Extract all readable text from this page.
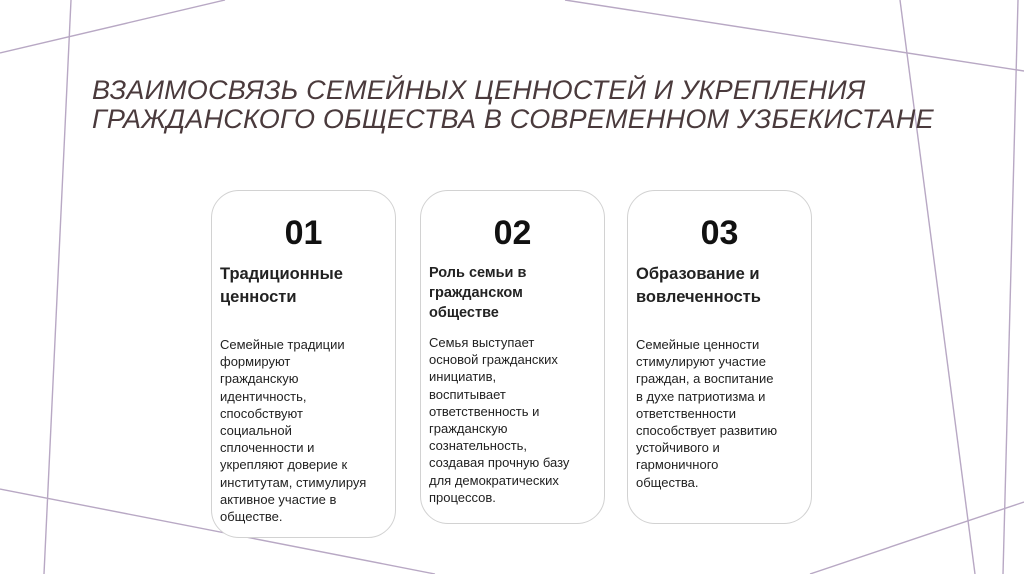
ВЗАИМОСВЯЗЬ СЕМЕЙНЫХ ЦЕННОСТЕЙ И УКРЕПЛЕНИЯ
ГРАЖДАНСКОГО ОБЩЕСТВА В СОВРЕМЕННОМ УЗБЕКИСТАНЕ
01
Традиционные
ценности
Семейные традиции
формируют
гражданскую
идентичность,
способствуют
социальной
сплоченности и
укрепляют доверие к
институтам, стимулируя
активное участие в
обществе.
02
Роль семьи в
гражданском
обществе
Семья выступает
основой гражданских
инициатив,
воспитывает
ответственность и
гражданскую
сознательность,
создавая прочную базу
для демократических
процессов.
03
Образование и
вовлеченность
Семейные ценности
стимулируют участие
граждан, а воспитание
в духе патриотизма и
ответственности
способствует развитию
устойчивого и
гармоничного
общества.
